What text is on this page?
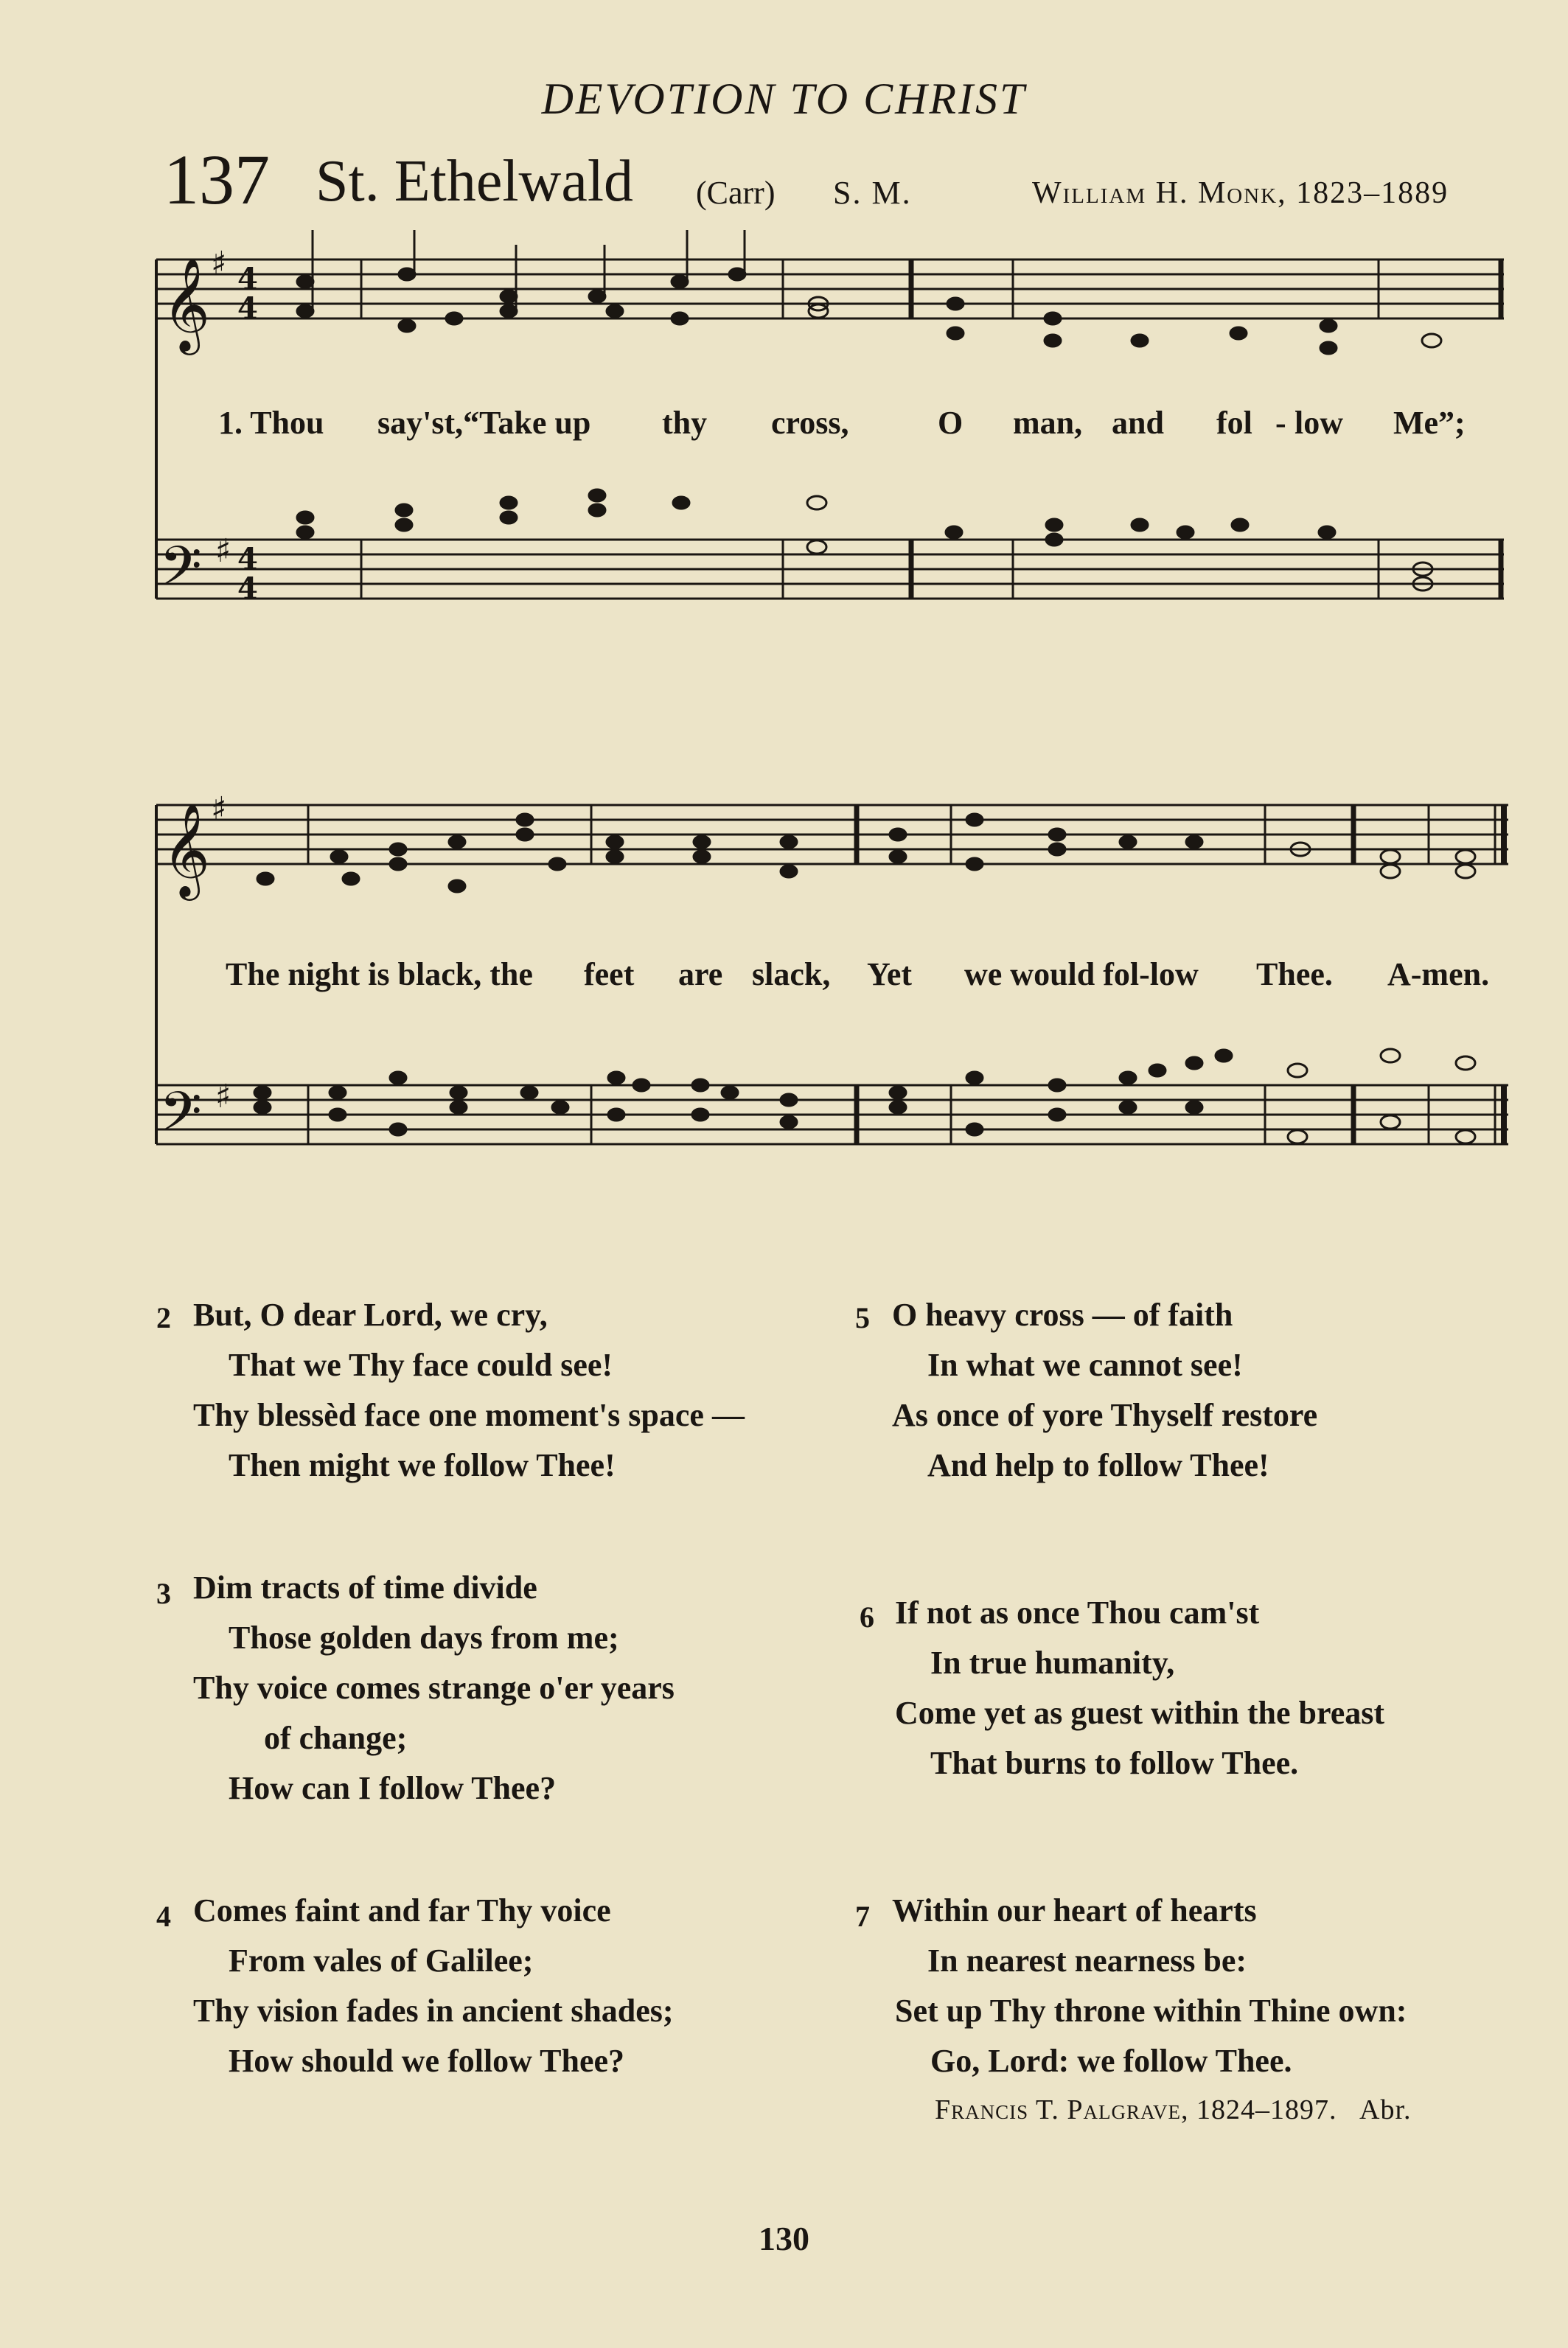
DEVOTION TO CHRIST
137 St. Ethelwald (Carr) S. M.	William H. Monk, 1823–1889
𝄞 ♯ 4
4
𝄢 ♯ 4
4
𝄞 ♯
𝄢 ♯
1. Thou say'st,“Take up thy cross,	O man, and fol - low Me”;
The night is black, the feet are slack, Yet we would fol-low Thee. A-men.
2 But, O dear Lord, we cry,
That we Thy face could see!
Thy blessèd face one moment's space —
Then might we follow Thee!
3 Dim tracts of time divide
Those golden days from me;
Thy voice comes strange o'er years
of change;
How can I follow Thee?
4 Comes faint and far Thy voice
From vales of Galilee;
Thy vision fades in ancient shades;
How should we follow Thee?
5 O heavy cross — of faith
In what we cannot see!
As once of yore Thyself restore
And help to follow Thee!
6 If not as once Thou cam'st
In true humanity,
Come yet as guest within the breast
That burns to follow Thee.
7 Within our heart of hearts
In nearest nearness be:
Set up Thy throne within Thine own:
Go, Lord: we follow Thee.
Francis T. Palgrave, 1824–1897. Abr.
130
